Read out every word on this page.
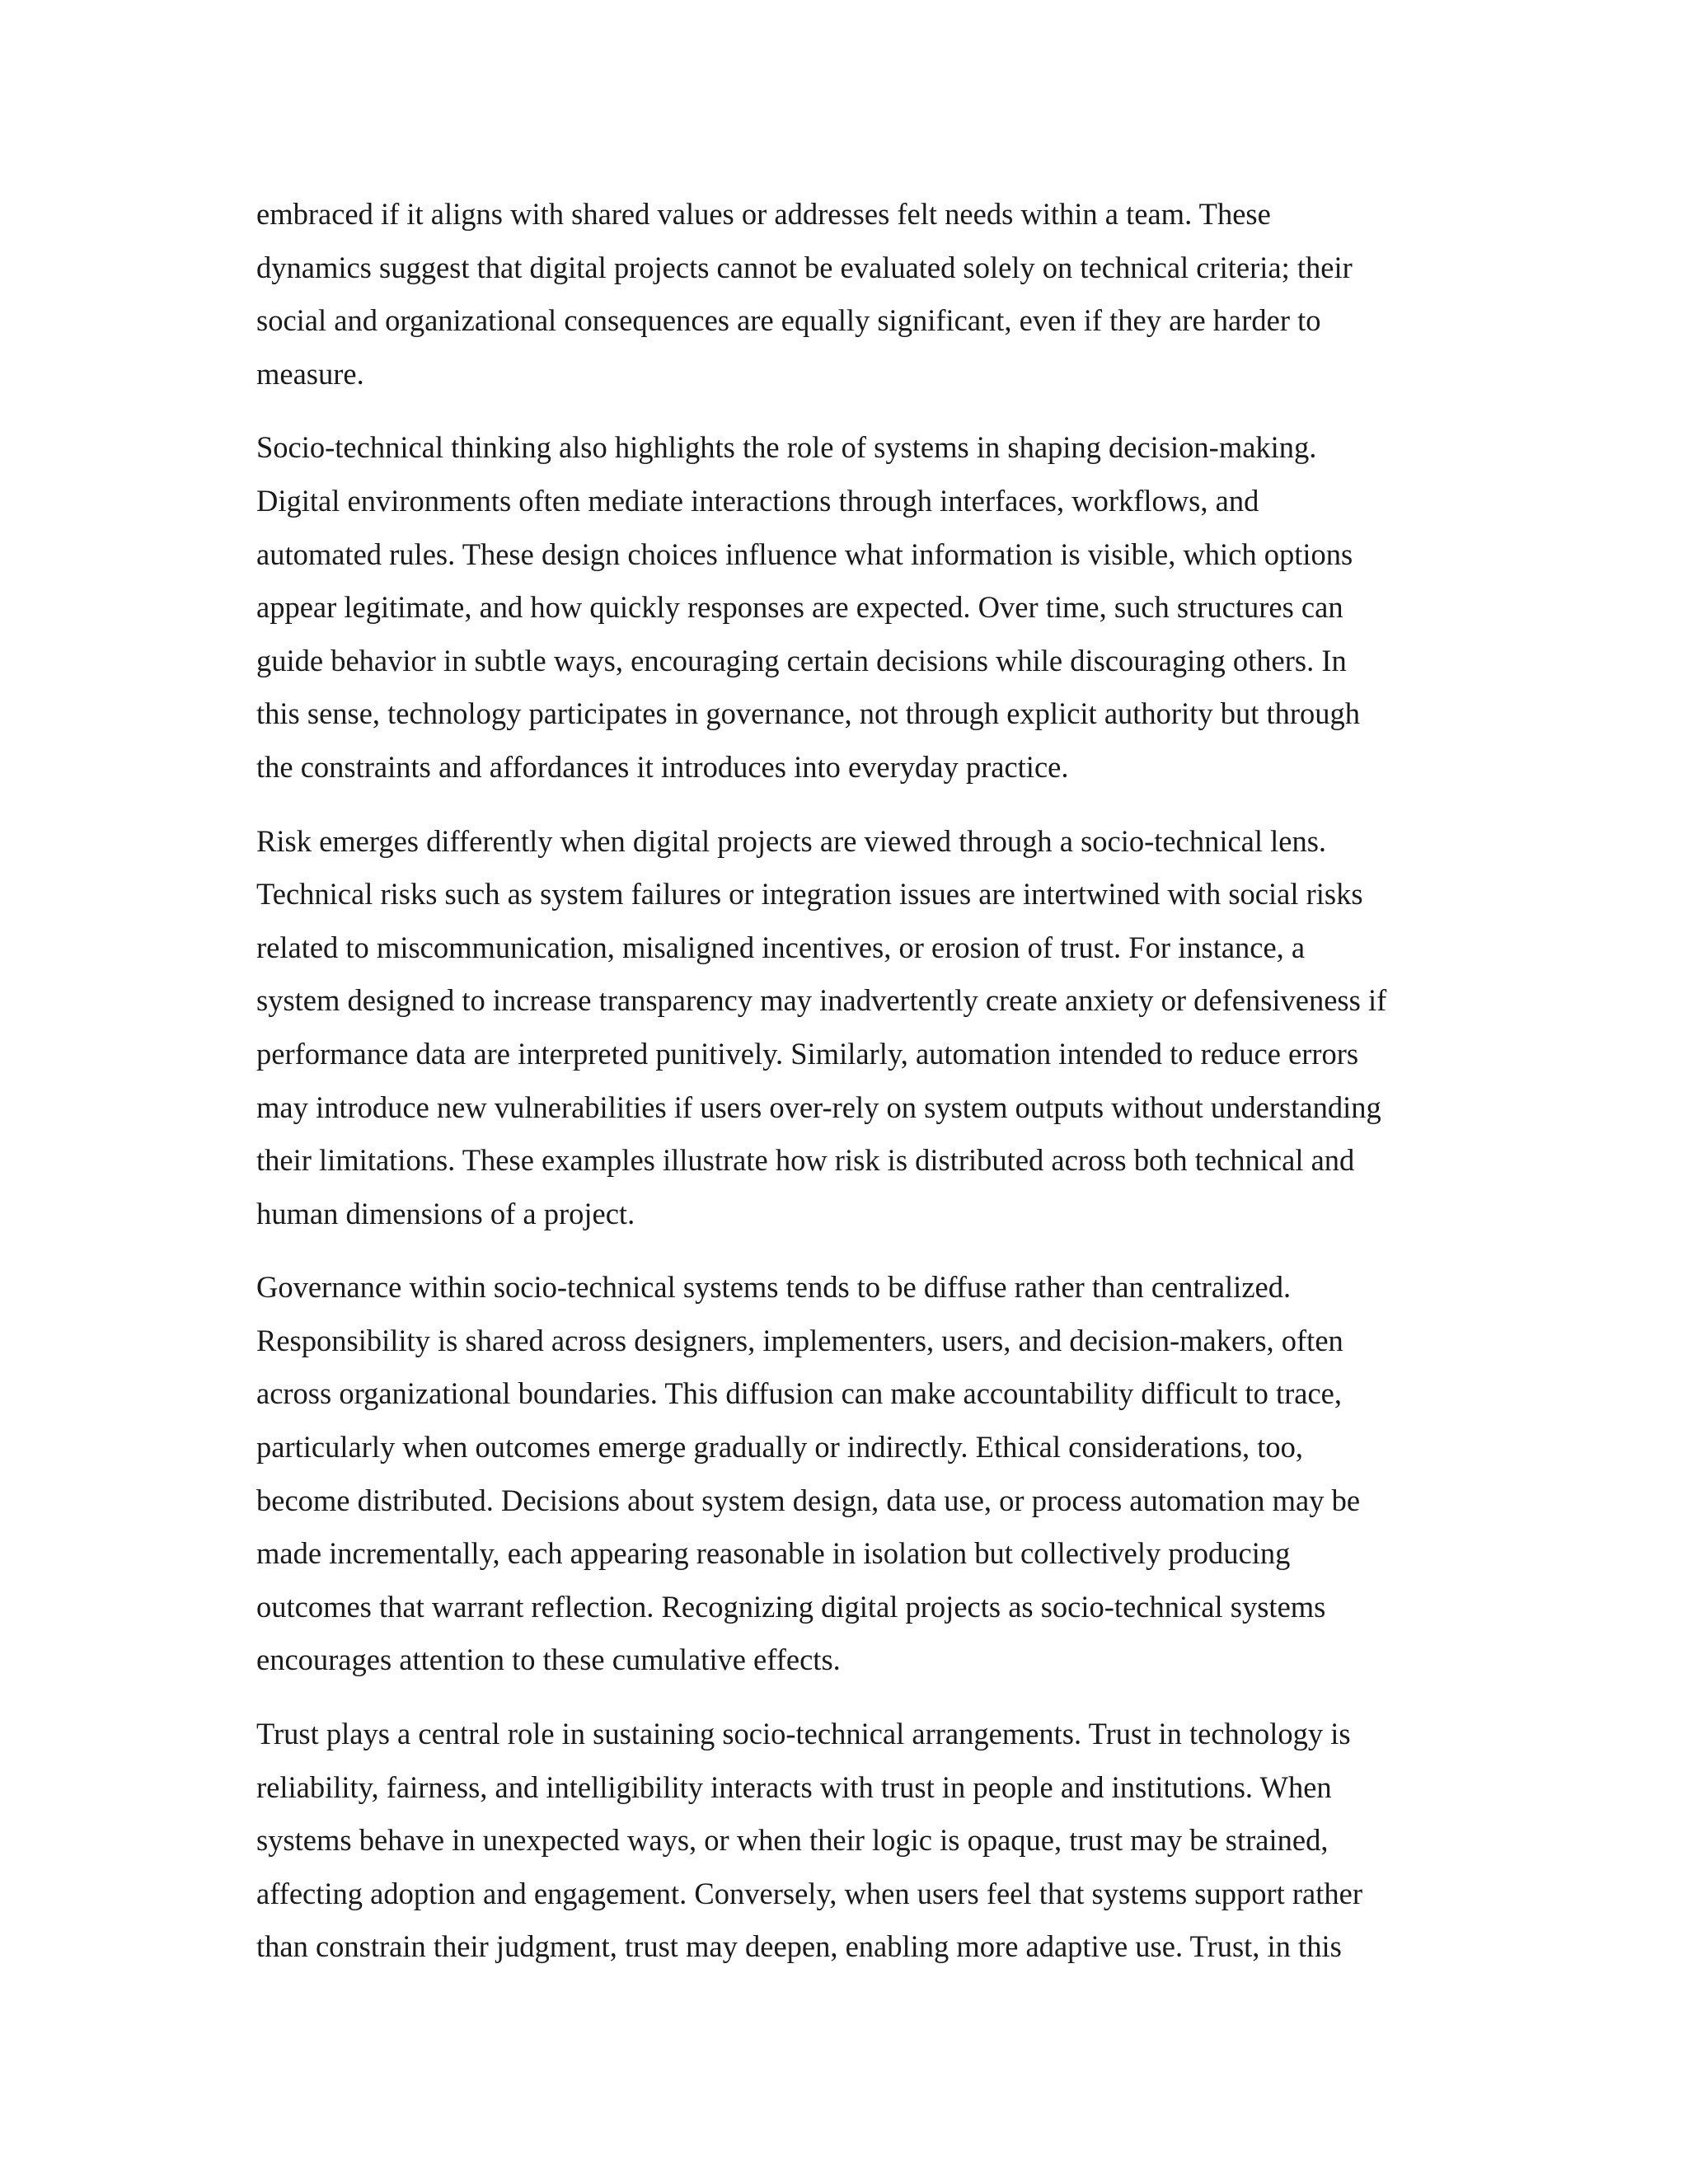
embraced if it aligns with shared values or addresses felt needs within a team. These
dynamics suggest that digital projects cannot be evaluated solely on technical criteria; their
social and organizational consequences are equally significant, even if they are harder to
measure.

Socio-technical thinking also highlights the role of systems in shaping decision-making.
Digital environments often mediate interactions through interfaces, workflows, and
automated rules. These design choices influence what information is visible, which options
appear legitimate, and how quickly responses are expected. Over time, such structures can
guide behavior in subtle ways, encouraging certain decisions while discouraging others. In
this sense, technology participates in governance, not through explicit authority but through
the constraints and affordances it introduces into everyday practice.

Risk emerges differently when digital projects are viewed through a socio-technical lens.
Technical risks such as system failures or integration issues are intertwined with social risks
related to miscommunication, misaligned incentives, or erosion of trust. For instance, a
system designed to increase transparency may inadvertently create anxiety or defensiveness if
performance data are interpreted punitively. Similarly, automation intended to reduce errors
may introduce new vulnerabilities if users over-rely on system outputs without understanding
their limitations. These examples illustrate how risk is distributed across both technical and
human dimensions of a project.

Governance within socio-technical systems tends to be diffuse rather than centralized.
Responsibility is shared across designers, implementers, users, and decision-makers, often
across organizational boundaries. This diffusion can make accountability difficult to trace,
particularly when outcomes emerge gradually or indirectly. Ethical considerations, too,
become distributed. Decisions about system design, data use, or process automation may be
made incrementally, each appearing reasonable in isolation but collectively producing
outcomes that warrant reflection. Recognizing digital projects as socio-technical systems
encourages attention to these cumulative effects.

Trust plays a central role in sustaining socio-technical arrangements. Trust in technology is
reliability, fairness, and intelligibility interacts with trust in people and institutions. When
systems behave in unexpected ways, or when their logic is opaque, trust may be strained,
affecting adoption and engagement. Conversely, when users feel that systems support rather
than constrain their judgment, trust may deepen, enabling more adaptive use. Trust, in this
